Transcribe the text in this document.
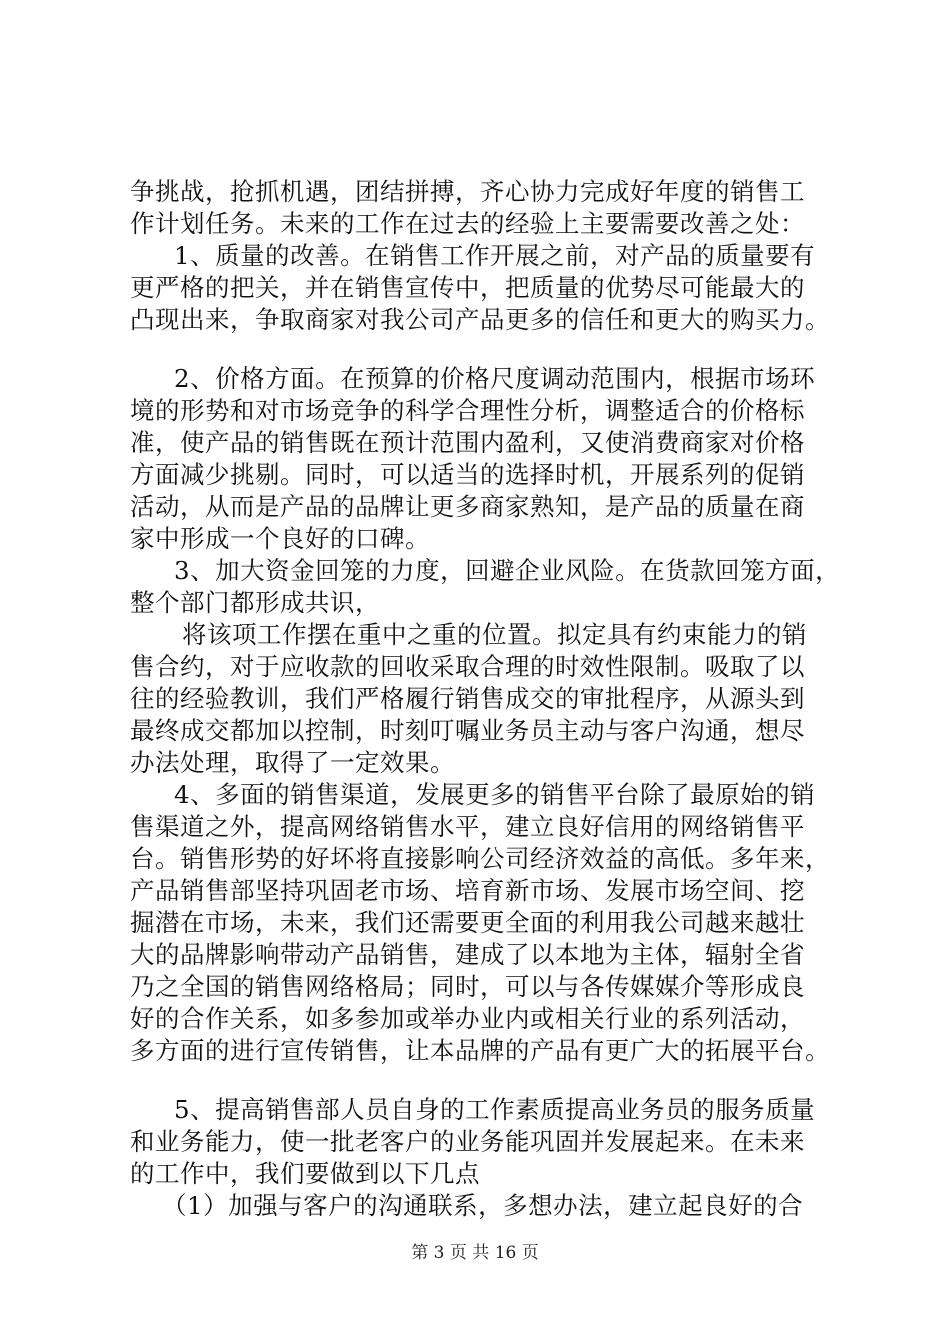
争挑战，抢抓机遇，团结拼搏，齐心协力完成好年度的销售工
作计划任务。未来的工作在过去的经验上主要需要改善之处：
1、质量的改善。在销售工作开展之前，对产品的质量要有
更严格的把关，并在销售宣传中，把质量的优势尽可能最大的
凸现出来，争取商家对我公司产品更多的信任和更大的购买力。
2、价格方面。在预算的价格尺度调动范围内，根据市场环
境的形势和对市场竞争的科学合理性分析，调整适合的价格标
准，使产品的销售既在预计范围内盈利，又使消费商家对价格
方面减少挑剔。同时，可以适当的选择时机，开展系列的促销
活动，从而是产品的品牌让更多商家熟知，是产品的质量在商
家中形成一个良好的口碑。
3、加大资金回笼的力度，回避企业风险。在货款回笼方面，
整个部门都形成共识，
将该项工作摆在重中之重的位置。拟定具有约束能力的销
售合约，对于应收款的回收采取合理的时效性限制。吸取了以
往的经验教训，我们严格履行销售成交的审批程序，从源头到
最终成交都加以控制，时刻叮嘱业务员主动与客户沟通，想尽
办法处理，取得了一定效果。
4、多面的销售渠道，发展更多的销售平台除了最原始的销
售渠道之外，提高网络销售水平，建立良好信用的网络销售平
台。销售形势的好坏将直接影响公司经济效益的高低。多年来，
产品销售部坚持巩固老市场、培育新市场、发展市场空间、挖
掘潜在市场，未来，我们还需要更全面的利用我公司越来越壮
大的品牌影响带动产品销售，建成了以本地为主体，辐射全省
乃之全国的销售网络格局；同时，可以与各传媒媒介等形成良
好的合作关系，如多参加或举办业内或相关行业的系列活动，
多方面的进行宣传销售，让本品牌的产品有更广大的拓展平台。
5、提高销售部人员自身的工作素质提高业务员的服务质量
和业务能力，使一批老客户的业务能巩固并发展起来。在未来
的工作中，我们要做到以下几点
（1）加强与客户的沟通联系，多想办法，建立起良好的合
第 3 页 共 16 页
